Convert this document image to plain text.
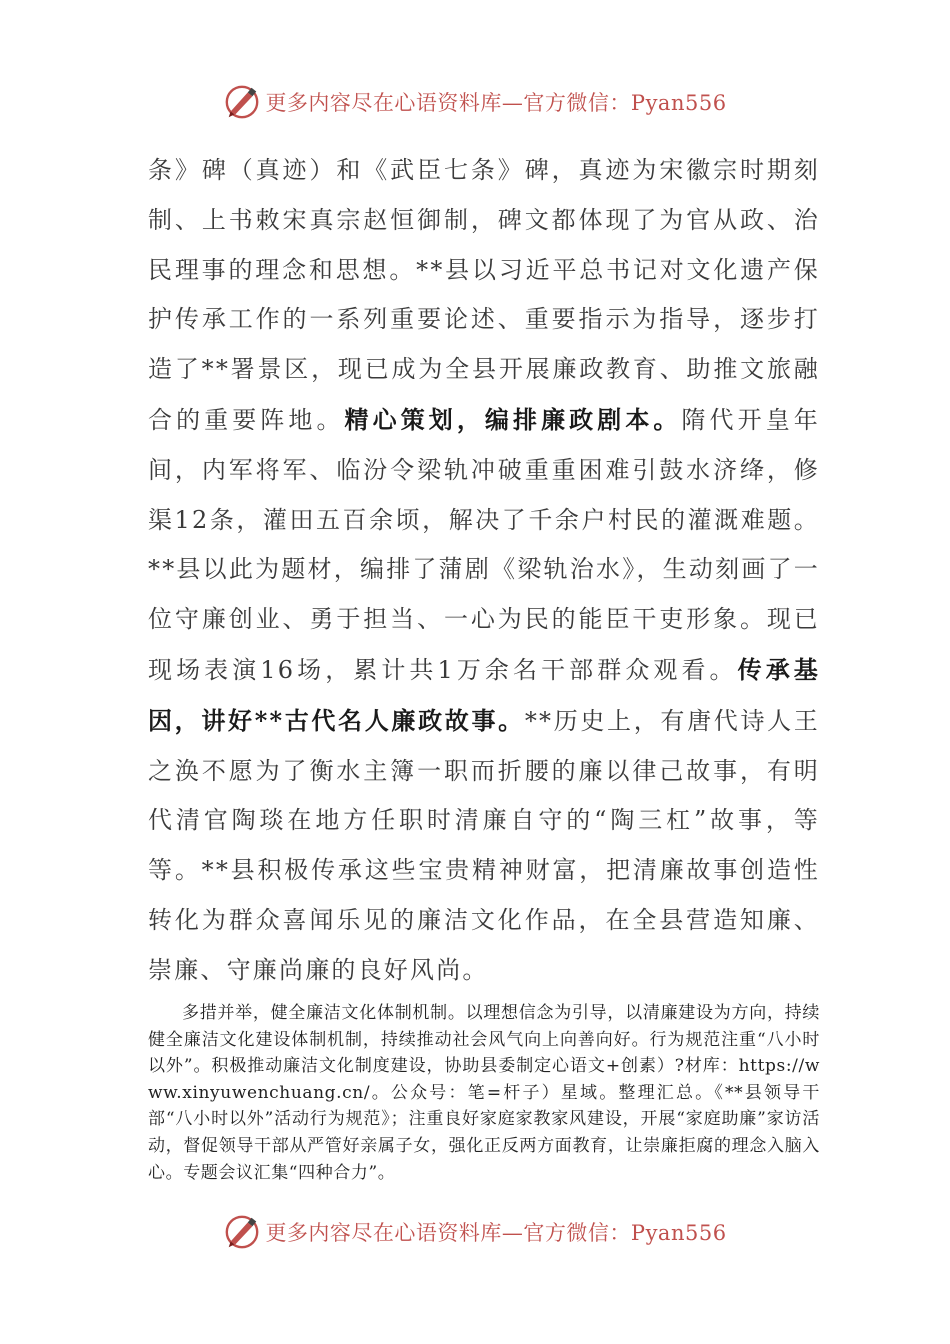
更多内容尽在心语资料库—官方微信：Pyan556
条》碑（真迹）和《武臣七条》碑，真迹为宋徽宗时期刻制、上书敕宋真宗赵恒御制，碑文都体现了为官从政、治民理事的理念和思想。**县以习近平总书记对文化遗产保护传承工作的一系列重要论述、重要指示为指导，逐步打造了**署景区，现已成为全县开展廉政教育、助推文旅融合的重要阵地。精心策划，编排廉政剧本。隋代开皇年间，内军将军、临汾令梁轨冲破重重困难引鼓水济绛，修渠12条，灌田五百余顷，解决了千余户村民的灌溉难题。**县以此为题材，编排了蒲剧《梁轨治水》，生动刻画了一位守廉创业、勇于担当、一心为民的能臣干吏形象。现已现场表演16场，累计共1万余名干部群众观看。传承基因，讲好**古代名人廉政故事。**历史上，有唐代诗人王之涣不愿为了衡水主簿一职而折腰的廉以律己故事，有明代清官陶琰在地方任职时清廉自守的“陶三杠”故事，等等。**县积极传承这些宝贵精神财富，把清廉故事创造性转化为群众喜闻乐见的廉洁文化作品，在全县营造知廉、崇廉、守廉尚廉的良好风尚。
多措并举，健全廉洁文化体制机制。以理想信念为引导，以清廉建设为方向，持续健全廉洁文化建设体制机制，持续推动社会风气向上向善向好。行为规范注重“八小时以外”。积极推动廉洁文化制度建设，协助县委制定心语文+创素）?材库：https://www.xinyuwenchuang.cn/。公众号：笔=杆子）星域。整理汇总。《**县领导干部“八小时以外”活动行为规范》；注重良好家庭家教家风建设，开展“家庭助廉”家访活动，督促领导干部从严管好亲属子女，强化正反两方面教育，让崇廉拒腐的理念入脑入心。专题会议汇集“四种合力”。
更多内容尽在心语资料库—官方微信：Pyan556
